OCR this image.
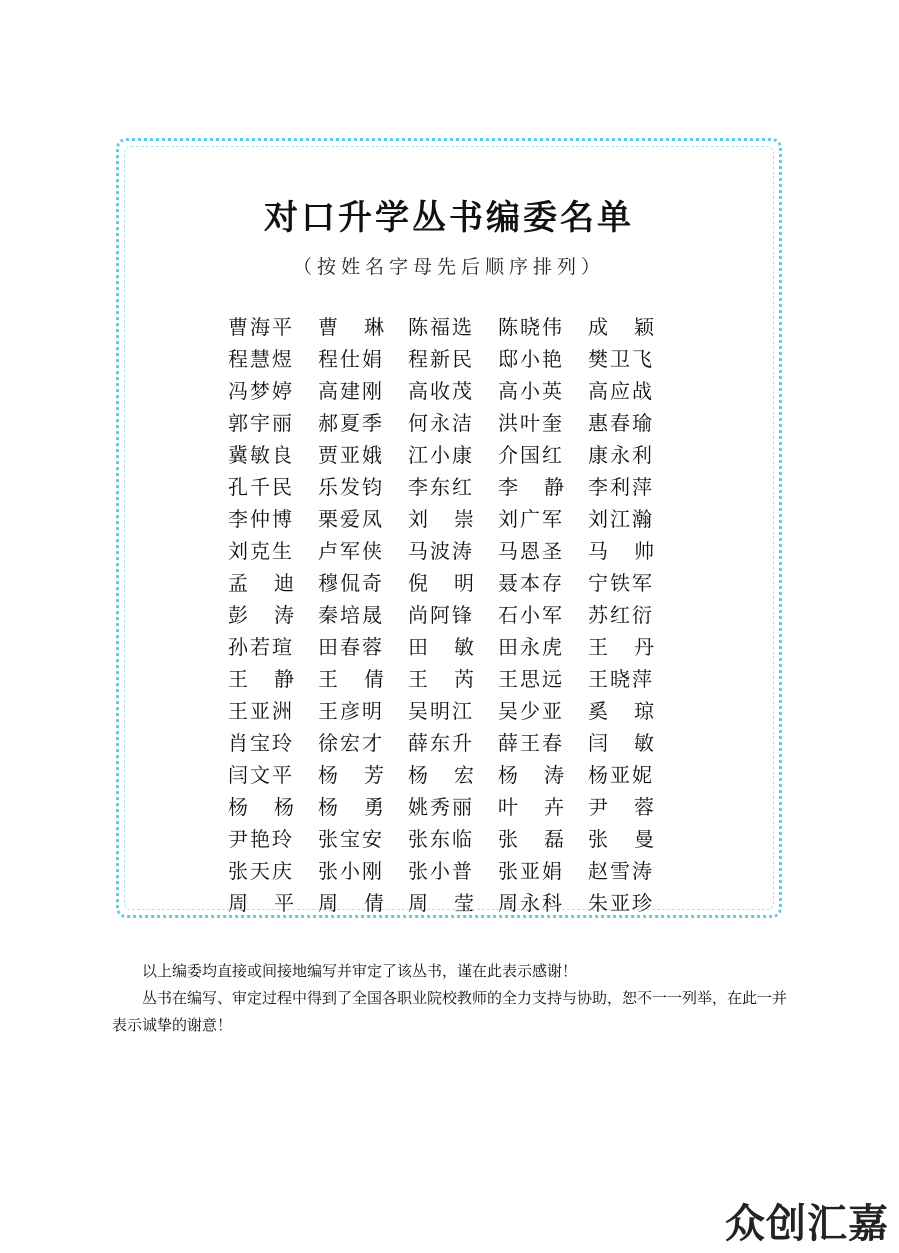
对口升学丛书编委名单
（按姓名字母先后顺序排列）
曹 海 平 曹 琳 陈 福 选 陈 晓 伟 成 颖
程 慧 煜 程 仕 娟 程 新 民 邸 小 艳 樊 卫 飞
冯 梦 婷 高 建 刚 高 收 茂 高 小 英 高 应 战
郭 宇 丽 郝 夏 季 何 永 洁 洪 叶 奎 惠 春 瑜
冀 敏 良 贾 亚 娥 江 小 康 介 国 红 康 永 利
孔 千 民 乐 发 钧 李 东 红 李 静 李 利 萍
李 仲 博 栗 爱 凤 刘 崇 刘 广 军 刘 江 瀚
刘 克 生 卢 军 侠 马 波 涛 马 恩 圣 马 帅
孟 迪 穆 侃 奇 倪 明 聂 本 存 宁 铁 军
彭 涛 秦 培 晟 尚 阿 锋 石 小 军 苏 红 衍
孙 若 瑄 田 春 蓉 田 敏 田 永 虎 王 丹
王 静 王 倩 王 芮 王 思 远 王 晓 萍
王 亚 洲 王 彦 明 吴 明 江 吴 少 亚 奚 琼
肖 宝 玲 徐 宏 才 薛 东 升 薛 王 春 闫 敏
闫 文 平 杨 芳 杨 宏 杨 涛 杨 亚 妮
杨 杨 杨 勇 姚 秀 丽 叶 卉 尹 蓉
尹 艳 玲 张 宝 安 张 东 临 张 磊 张 曼
张 天 庆 张 小 刚 张 小 普 张 亚 娟 赵 雪 涛
周 平 周 倩 周 莹 周 永 科 朱 亚 珍

以上编委均直接或间接地编写并审定了该丛书，谨在此表示感谢！

丛书在编写、审定过程中得到了全国各职业院校教师的全力支持与协助，恕不一一列举，在此一并表示诚挚的谢意！

众创汇嘉
